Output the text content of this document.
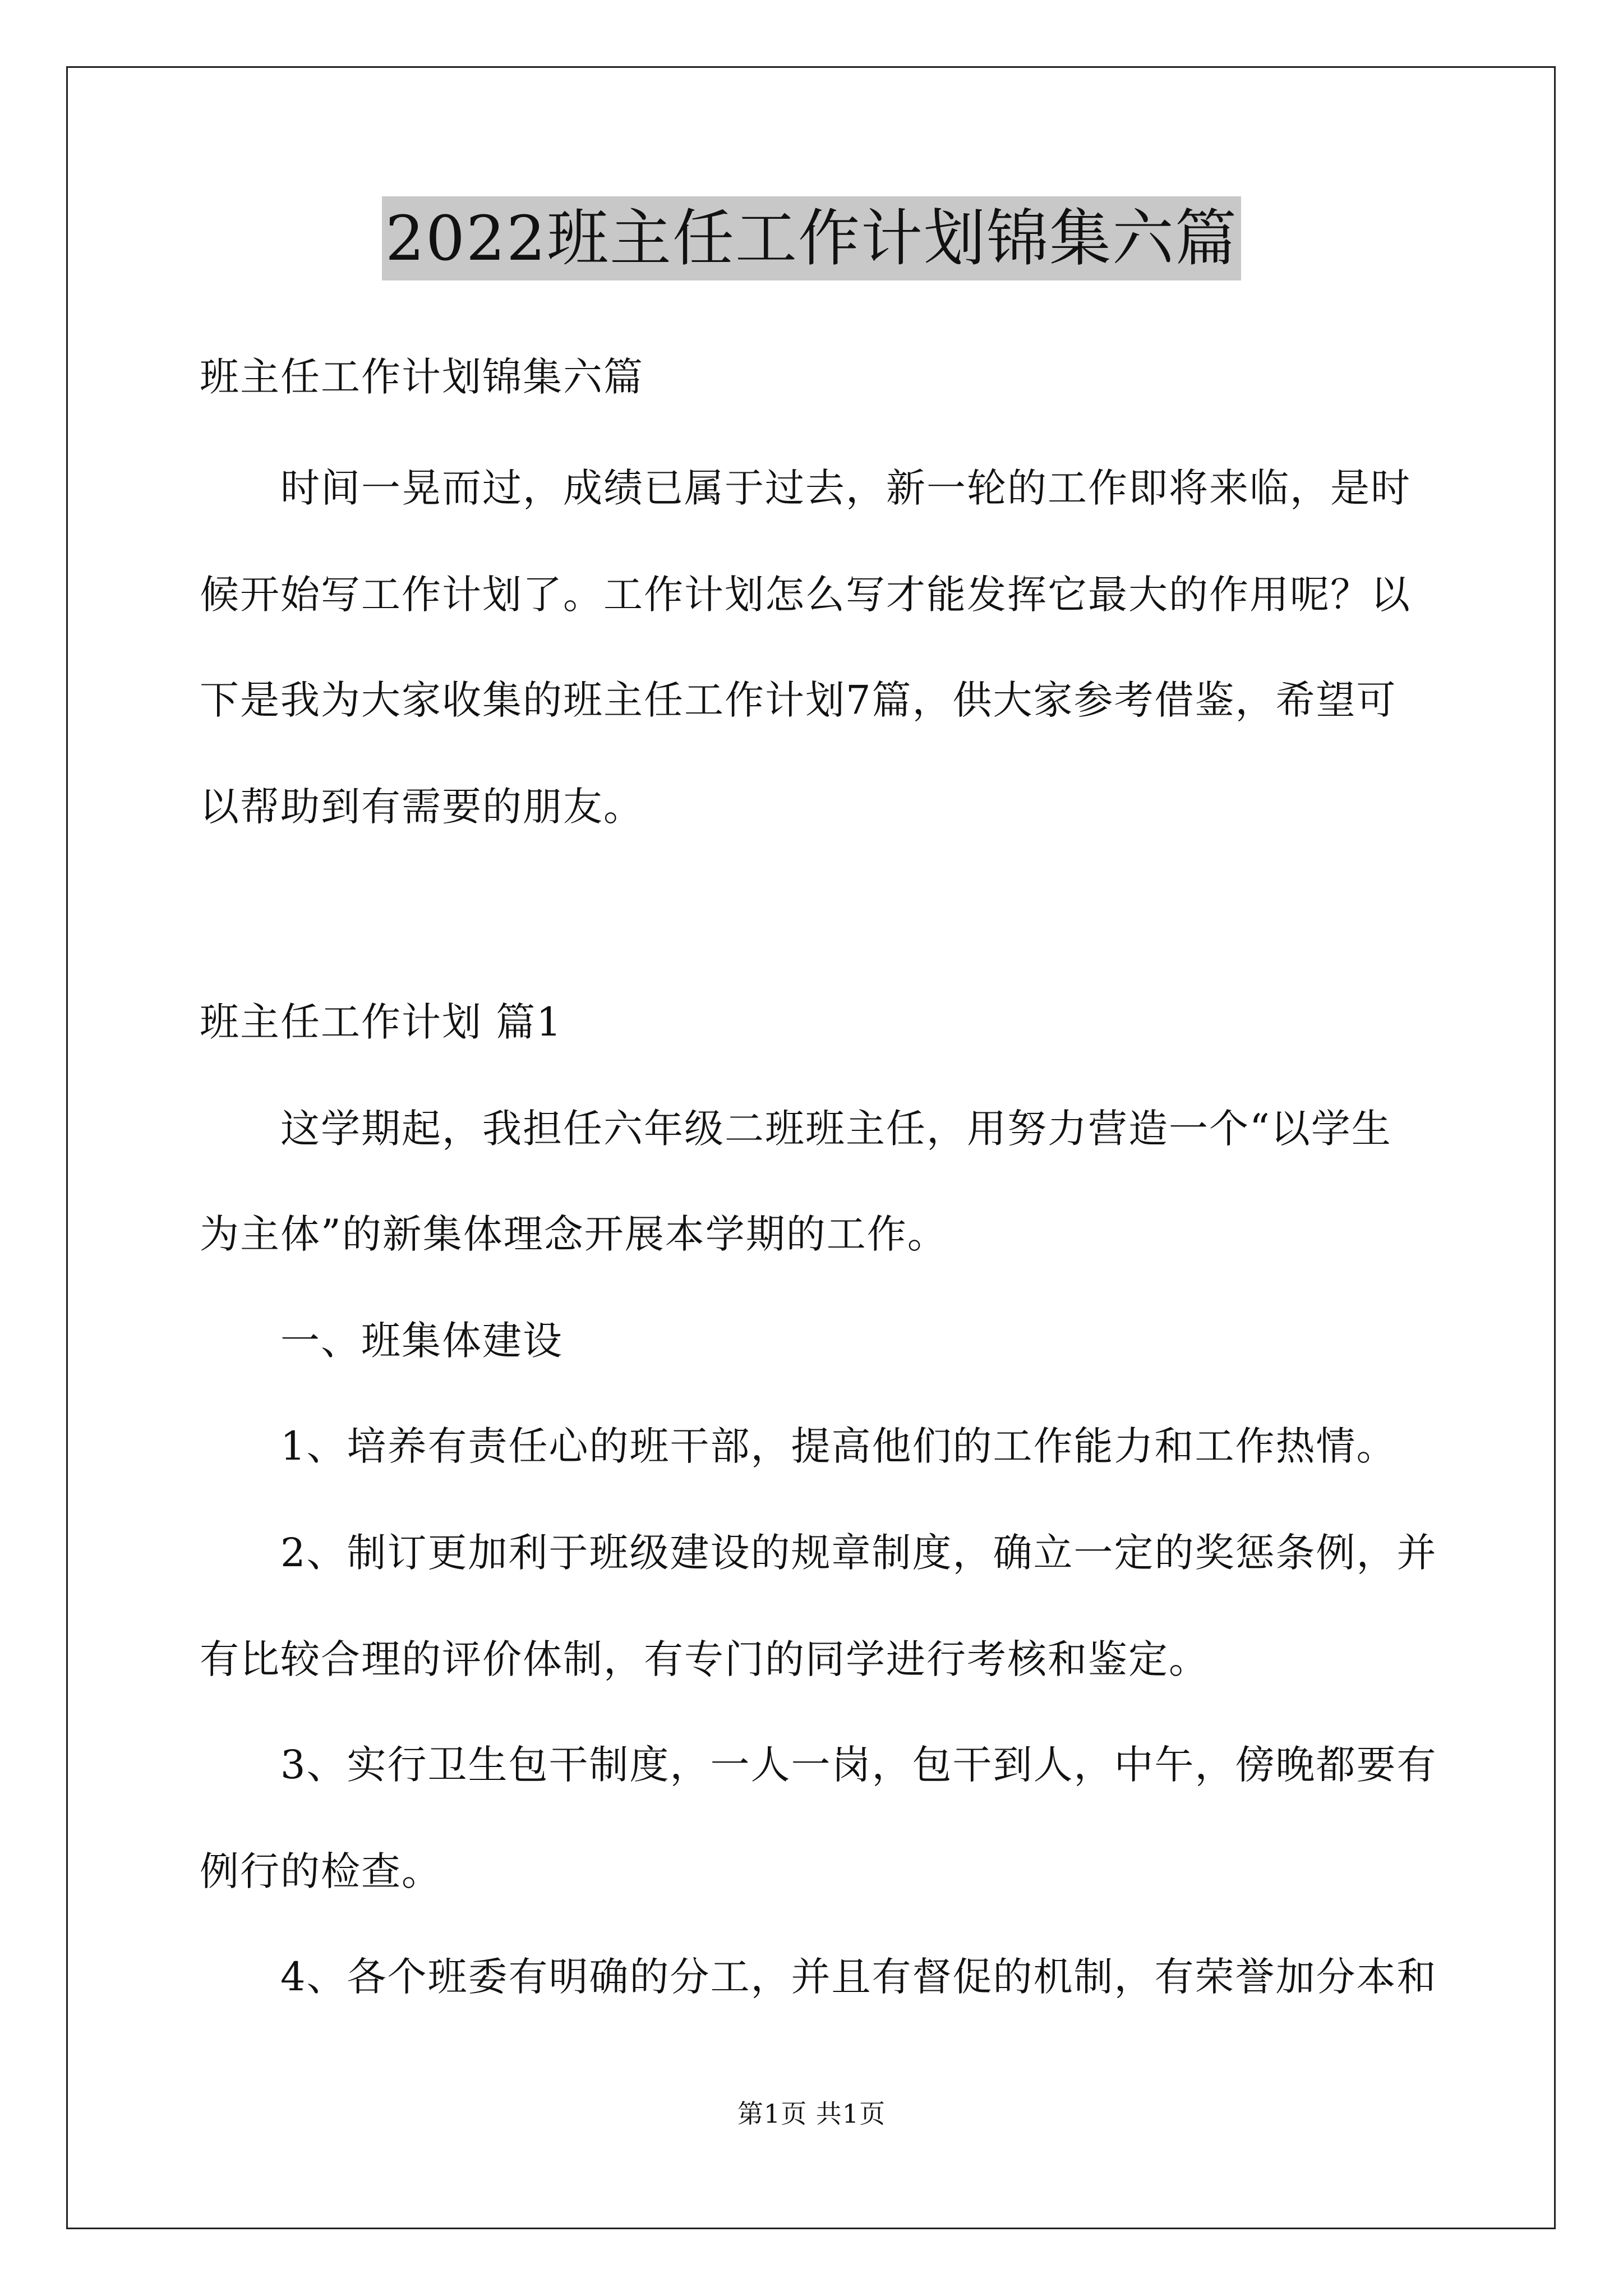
2022班主任工作计划锦集六篇
班主任工作计划锦集六篇
时间一晃而过，成绩已属于过去，新一轮的工作即将来临，是时
候开始写工作计划了。工作计划怎么写才能发挥它最大的作用呢？以
下是我为大家收集的班主任工作计划7篇，供大家参考借鉴，希望可
以帮助到有需要的朋友。
班主任工作计划 篇1
这学期起，我担任六年级二班班主任，用努力营造一个“以学生
为主体”的新集体理念开展本学期的工作。
一、班集体建设
1、培养有责任心的班干部，提高他们的工作能力和工作热情。
2、制订更加利于班级建设的规章制度，确立一定的奖惩条例，并
有比较合理的评价体制，有专门的同学进行考核和鉴定。
3、实行卫生包干制度，一人一岗，包干到人，中午，傍晚都要有
例行的检查。
4、各个班委有明确的分工，并且有督促的机制，有荣誉加分本和
第1页 共1页
